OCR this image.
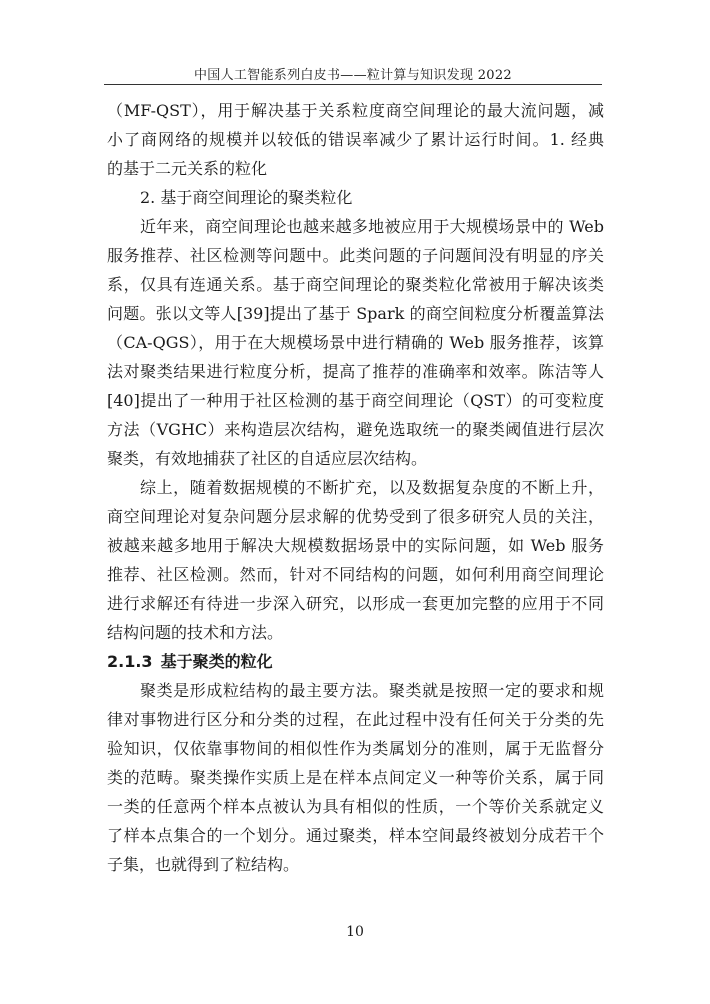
中国人工智能系列白皮书——粒计算与知识发现 2022
（MF-QST），用于解决基于关系粒度商空间理论的最大流问题，减
小了商网络的规模并以较低的错误率减少了累计运行时间。1. 经典
的基于二元关系的粒化
2. 基于商空间理论的聚类粒化
近年来，商空间理论也越来越多地被应用于大规模场景中的 Web
服务推荐、社区检测等问题中。此类问题的子问题间没有明显的序关
系，仅具有连通关系。基于商空间理论的聚类粒化常被用于解决该类
问题。张以文等人[39]提出了基于 Spark 的商空间粒度分析覆盖算法
（CA-QGS），用于在大规模场景中进行精确的 Web 服务推荐，该算
法对聚类结果进行粒度分析，提高了推荐的准确率和效率。陈洁等人
[40]提出了一种用于社区检测的基于商空间理论（QST）的可变粒度
方法（VGHC）来构造层次结构，避免选取统一的聚类阈值进行层次
聚类，有效地捕获了社区的自适应层次结构。
综上，随着数据规模的不断扩充，以及数据复杂度的不断上升，
商空间理论对复杂问题分层求解的优势受到了很多研究人员的关注，
被越来越多地用于解决大规模数据场景中的实际问题，如 Web 服务
推荐、社区检测。然而，针对不同结构的问题，如何利用商空间理论
进行求解还有待进一步深入研究，以形成一套更加完整的应用于不同
结构问题的技术和方法。
2.1.3 基于聚类的粒化
聚类是形成粒结构的最主要方法。聚类就是按照一定的要求和规
律对事物进行区分和分类的过程，在此过程中没有任何关于分类的先
验知识，仅依靠事物间的相似性作为类属划分的准则，属于无监督分
类的范畴。聚类操作实质上是在样本点间定义一种等价关系，属于同
一类的任意两个样本点被认为具有相似的性质，一个等价关系就定义
了样本点集合的一个划分。通过聚类，样本空间最终被划分成若干个
子集，也就得到了粒结构。
10
